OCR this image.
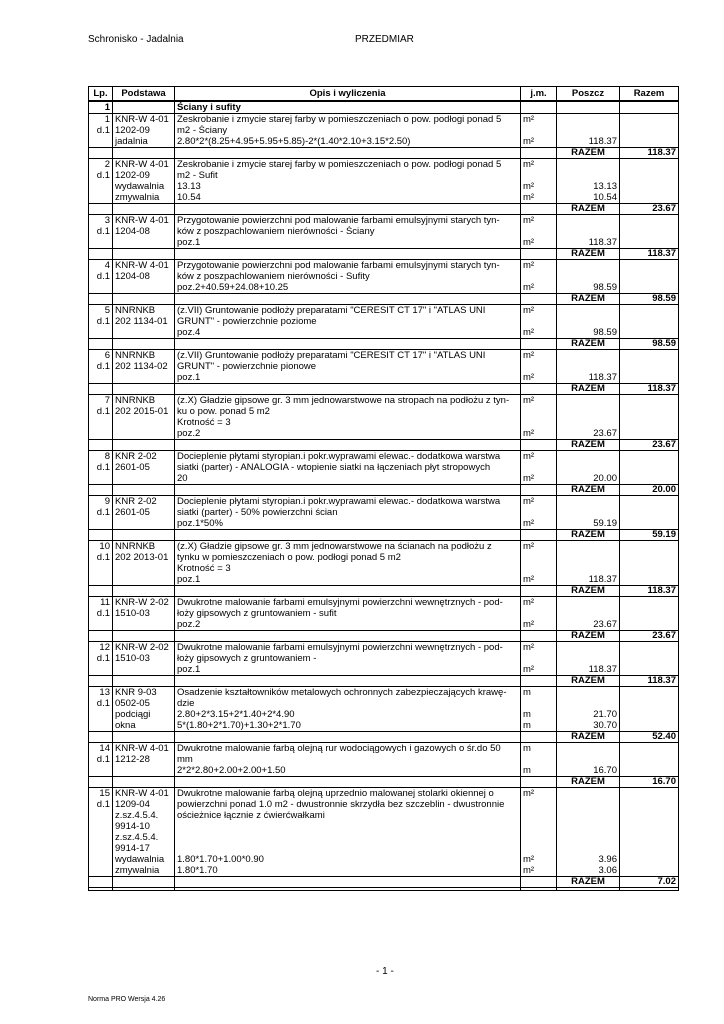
Schronisko - Jadalnia	PRZEDMIAR
Lp.	Podstawa	Opis i wyliczenia	j.m.	Poszcz	Razem
1		Ściany i sufity			
1	KNR-W 4-01	Zeskrobanie i zmycie starej farby w pomieszczeniach o pow. podłogi ponad 5	m²		
d.1	1202-09	m2 - Ściany			
	jadalnia	2.80*2*(8.25+4.95+5.95+5.85)-2*(1.40*2.10+3.15*2.50)	m²	118.37	
				RAZEM	118.37
2	KNR-W 4-01	Zeskrobanie i zmycie starej farby w pomieszczeniach o pow. podłogi ponad 5	m²		
d.1	1202-09	m2 - Sufit			
	wydawalnia	13.13	m²	13.13	
	zmywalnia	10.54	m²	10.54	
				RAZEM	23.67
3	KNR-W 4-01	Przygotowanie powierzchni pod malowanie farbami emulsyjnymi starych tyn-	m²		
d.1	1204-08	ków z poszpachlowaniem nierówności - Ściany			
		poz.1	m²	118.37	
				RAZEM	118.37
4	KNR-W 4-01	Przygotowanie powierzchni pod malowanie farbami emulsyjnymi starych tyn-	m²		
d.1	1204-08	ków z poszpachlowaniem nierówności - Sufity			
		poz.2+40.59+24.08+10.25	m²	98.59	
				RAZEM	98.59
5	NNRNKB	(z.VII) Gruntowanie podłoży preparatami "CERESIT CT 17" i "ATLAS UNI	m²		
d.1	202 1134-01	GRUNT" - powierzchnie poziome			
		poz.4	m²	98.59	
				RAZEM	98.59
6	NNRNKB	(z.VII) Gruntowanie podłoży preparatami "CERESIT CT 17" i "ATLAS UNI	m²		
d.1	202 1134-02	GRUNT" - powierzchnie pionowe			
		poz.1	m²	118.37	
				RAZEM	118.37
7	NNRNKB	(z.X) Gładzie gipsowe gr. 3 mm jednowarstwowe na stropach na podłożu z tyn-	m²		
d.1	202 2015-01	ku o pow. ponad 5 m2			
		Krotność = 3			
		poz.2	m²	23.67	
				RAZEM	23.67
8	KNR 2-02	Docieplenie płytami styropian.i pokr.wyprawami elewac.- dodatkowa warstwa	m²		
d.1	2601-05	siatki (parter) - ANALOGIA - wtopienie siatki na łączeniach płyt stropowych			
		20	m²	20.00	
				RAZEM	20.00
9	KNR 2-02	Docieplenie płytami styropian.i pokr.wyprawami elewac.- dodatkowa warstwa	m²		
d.1	2601-05	siatki (parter) - 50% powierzchni ścian			
		poz.1*50%	m²	59.19	
				RAZEM	59.19
10	NNRNKB	(z.X) Gładzie gipsowe gr. 3 mm jednowarstwowe na ścianach na podłożu z	m²		
d.1	202 2013-01	tynku w pomieszczeniach o pow. podłogi ponad 5 m2			
		Krotność = 3			
		poz.1	m²	118.37	
				RAZEM	118.37
11	KNR-W 2-02	Dwukrotne malowanie farbami emulsyjnymi powierzchni wewnętrznych - pod-	m²		
d.1	1510-03	łoży gipsowych z gruntowaniem - sufit			
		poz.2	m²	23.67	
				RAZEM	23.67
12	KNR-W 2-02	Dwukrotne malowanie farbami emulsyjnymi powierzchni wewnętrznych - pod-	m²		
d.1	1510-03	łoży gipsowych z gruntowaniem -			
		poz.1	m²	118.37	
				RAZEM	118.37
13	KNR 9-03	Osadzenie kształtowników metalowych ochronnych zabezpieczających krawę-	m		
d.1	0502-05	dzie			
	podciągi	2.80+2*3.15+2*1.40+2*4.90	m	21.70	
	okna	5*(1.80+2*1.70)+1.30+2*1.70	m	30.70	
				RAZEM	52.40
14	KNR-W 4-01	Dwukrotne malowanie farbą olejną rur wodociągowych i gazowych o śr.do 50	m		
d.1	1212-28	mm			
		2*2*2.80+2.00+2.00+1.50	m	16.70	
				RAZEM	16.70
15	KNR-W 4-01	Dwukrotne malowanie farbą olejną uprzednio malowanej stolarki okiennej o	m²		
d.1	1209-04	powierzchni ponad 1.0 m2 - dwustronnie skrzydła bez szczeblin - dwustronnie			
	z.sz.4.5.4.	ościeżnice łącznie z ćwierćwałkami			
	9914-10				
	z.sz.4.5.4.				
	9914-17				
	wydawalnia	1.80*1.70+1.00*0.90	m²	3.96	
	zmywalnia	1.80*1.70	m²	3.06	
				RAZEM	7.02

- 1 -
Norma PRO Wersja 4.26
